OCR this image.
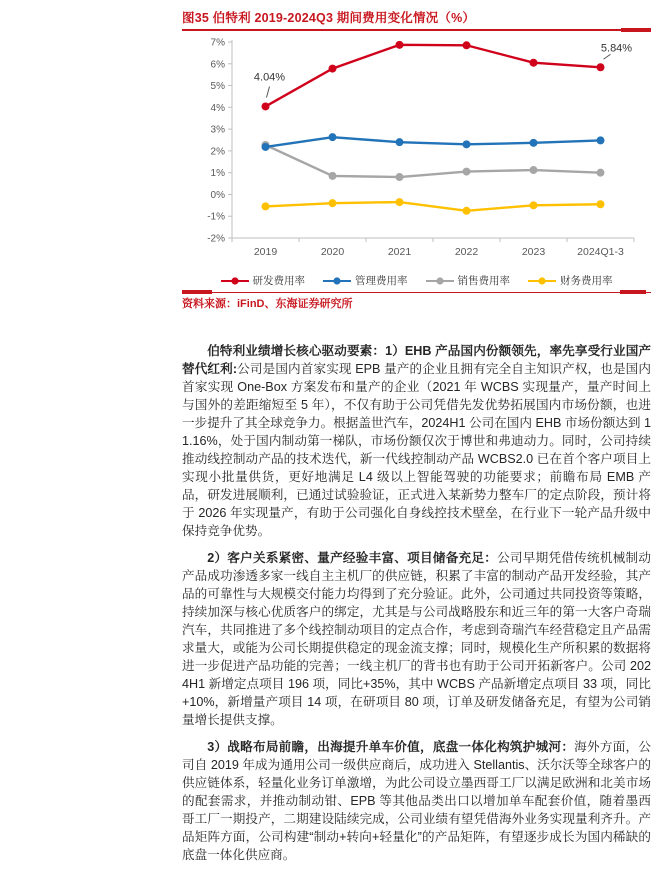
图35 伯特利 2019-2024Q3 期间费用变化情况（%）
7%
6%
5%
4%
3%
2%
1%
0%
-1%
-2%
2019	2020	2021	2022	2023	2024Q1-3
4.04%
5.84%
研发费用率	管理费用率	销售费用率	财务费用率
资料来源：iFinD、东海证券研究所

伯特利业绩增长核心驱动要素：1）EHB 产品国内份额领先，率先享受行业国产替代红利:公司是国内首家实现 EPB 量产的企业且拥有完全自主知识产权，也是国内首家实现 One-Box 方案发布和量产的企业（2021 年 WCBS 实现量产，量产时间上与国外的差距缩短至 5 年），不仅有助于公司凭借先发优势拓展国内市场份额，也进一步提升了其全球竞争力。根据盖世汽车，2024H1 公司在国内 EHB 市场份额达到 11.16%，处于国内制动第一梯队，市场份额仅次于博世和弗迪动力。同时，公司持续推动线控制动产品的技术迭代，新一代线控制动产品 WCBS2.0 已在首个客户项目上实现小批量供货，更好地满足 L4 级以上智能驾驶的功能要求；前瞻布局 EMB 产品，研发进展顺利，已通过试验验证，正式进入某新势力整车厂的定点阶段，预计将于 2026 年实现量产，有助于公司强化自身线控技术壁垒，在行业下一轮产品升级中保持竞争优势。

2）客户关系紧密、量产经验丰富、项目储备充足：公司早期凭借传统机械制动产品成功渗透多家一线自主主机厂的供应链，积累了丰富的制动产品开发经验，其产品的可靠性与大规模交付能力均得到了充分验证。此外，公司通过共同投资等策略，持续加深与核心优质客户的绑定，尤其是与公司战略股东和近三年的第一大客户奇瑞汽车，共同推进了多个线控制动项目的定点合作，考虑到奇瑞汽车经营稳定且产品需求量大，或能为公司长期提供稳定的现金流支撑；同时，规模化生产所积累的数据将进一步促进产品功能的完善；一线主机厂的背书也有助于公司开拓新客户。公司 2024H1 新增定点项目 196 项，同比+35%，其中 WCBS 产品新增定点项目 33 项，同比+10%，新增量产项目 14 项，在研项目 80 项，订单及研发储备充足，有望为公司销量增长提供支撑。

3）战略布局前瞻，出海提升单车价值，底盘一体化构筑护城河：海外方面，公司自 2019 年成为通用公司一级供应商后，成功进入 Stellantis、沃尔沃等全球客户的供应链体系，轻量化业务订单激增，为此公司设立墨西哥工厂以满足欧洲和北美市场的配套需求，并推动制动钳、EPB 等其他品类出口以增加单车配套价值，随着墨西哥工厂一期投产，二期建设陆续完成，公司业绩有望凭借海外业务实现量利齐升。产品矩阵方面，公司构建“制动+转向+轻量化”的产品矩阵，有望逐步成长为国内稀缺的底盘一体化供应商。
